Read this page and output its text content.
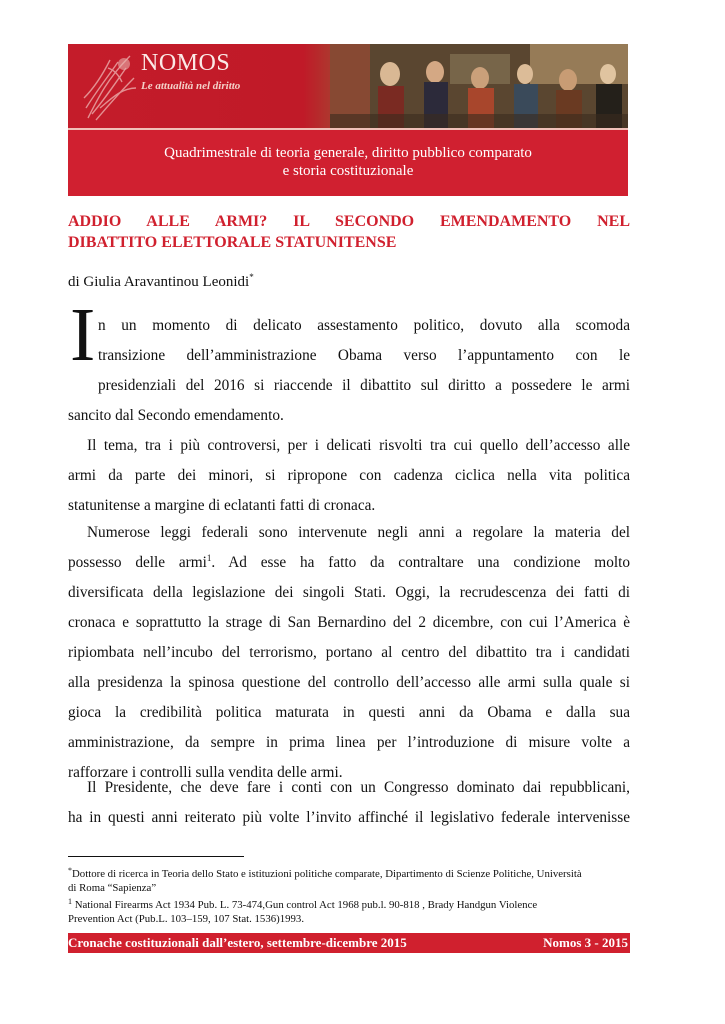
NOMOS

Le attualità nel diritto

Quadrimestrale di teoria generale, diritto pubblico comparato
e storia costituzionale
ADDIO ALLE ARMI? IL SECONDO EMENDAMENTO NEL
DIBATTITO ELETTORALE STATUNITENSE

di Giulia Aravantinou Leonidi*

I n un momento di delicato assestamento politico, dovuto alla scomoda
transizione dell’amministrazione Obama verso l’appuntamento con le
presidenziali del 2016 si riaccende il dibattito sul diritto a possedere le armi
sancito dal Secondo emendamento.
Il tema, tra i più controversi, per i delicati risvolti tra cui quello dell’accesso alle
armi da parte dei minori, si ripropone con cadenza ciclica nella vita politica
statunitense a margine di eclatanti fatti di cronaca.
Numerose leggi federali sono intervenute negli anni a regolare la materia del
possesso delle armi$^1$. Ad esse ha fatto da contraltare una condizione molto
diversificata della legislazione dei singoli Stati. Oggi, la recrudescenza dei fatti di
cronaca e soprattutto la strage di San Bernardino del 2 dicembre, con cui l’America è
ripiombata nell’incubo del terrorismo, portano al centro del dibattito tra i candidati
alla presidenza la spinosa questione del controllo dell’accesso alle armi sulla quale si
gioca la credibilità politica maturata in questi anni da Obama e dalla sua
amministrazione, da sempre in prima linea per l’introduzione di misure volte a
rafforzare i controlli sulla vendita delle armi.
Il Presidente, che deve fare i conti con un Congresso dominato dai repubblicani,
ha in questi anni reiterato più volte l’invito affinché il legislativo federale intervenisse
*Dottore di ricerca in Teoria dello Stato e istituzioni politiche comparate, Dipartimento di Scienze Politiche, Università
di Roma “Sapienza”
$^1$ National Firearms Act 1934 Pub. L. 73-474,Gun control Act 1968 pub.l. 90-818 , Brady Handgun Violence
Prevention Act (Pub.L. 103–159, 107 Stat. 1536)1993.
Cronache costituzionali dall’estero, settembre-dicembre 2015	Nomos 3 - 2015
